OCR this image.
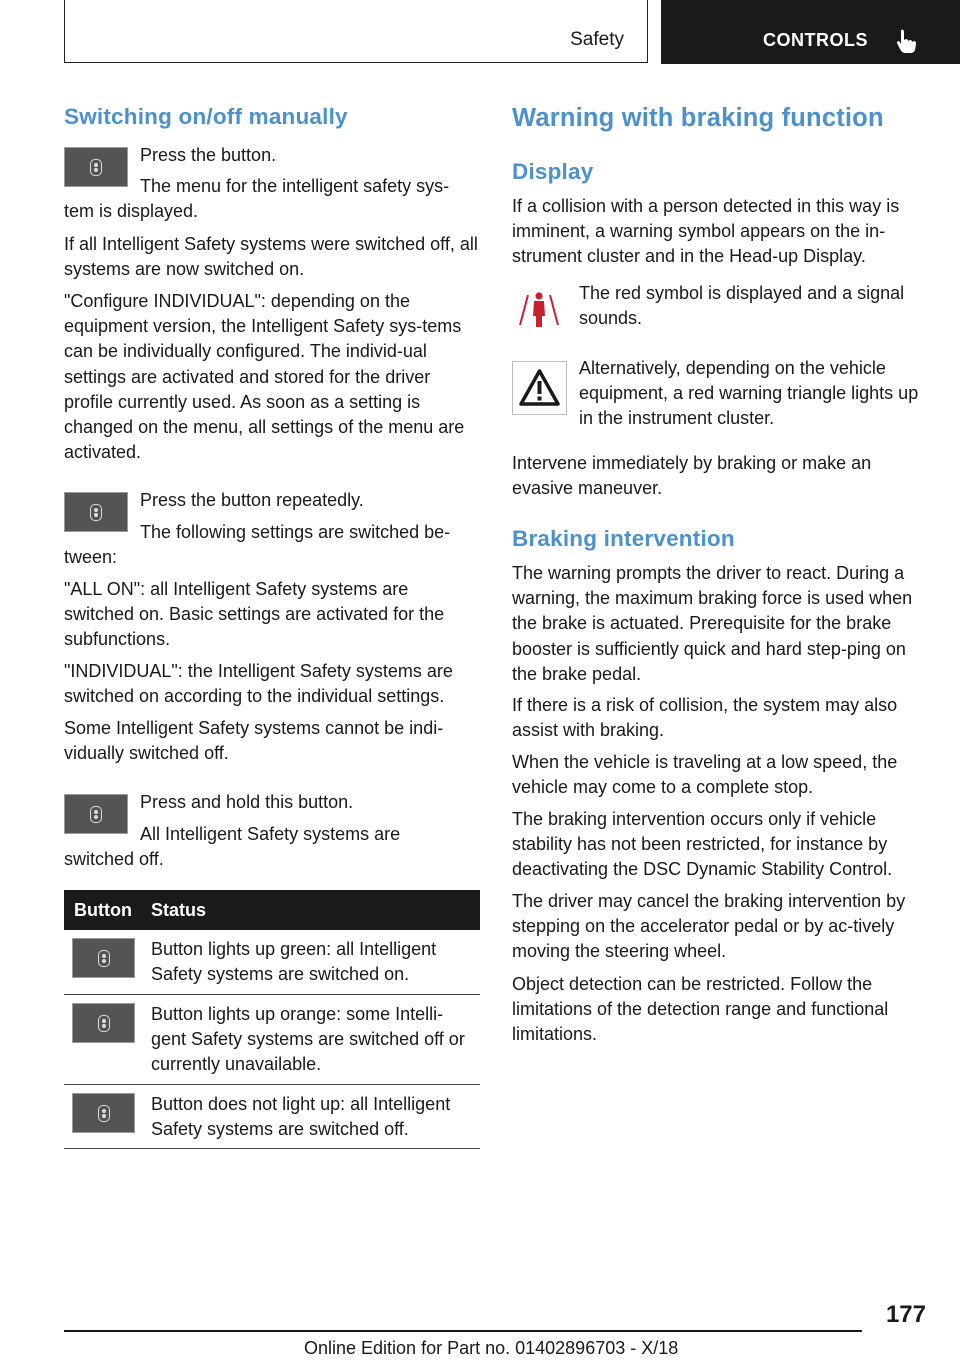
Safety	CONTROLS
Switching on/off manually

Press the button.

The menu for the intelligent safety sys-

tem is displayed.

If all Intelligent Safety systems were switched off, all systems are now switched on.

"Configure INDIVIDUAL": depending on the equipment version, the Intelligent Safety sys-tems can be individually configured. The individ-ual settings are activated and stored for the driver profile currently used. As soon as a setting is changed on the menu, all settings of the menu are activated.

Press the button repeatedly.

The following settings are switched be-

tween:

"ALL ON": all Intelligent Safety systems are switched on. Basic settings are activated for the subfunctions.

"INDIVIDUAL": the Intelligent Safety systems are switched on according to the individual settings.

Some Intelligent Safety systems cannot be indi-vidually switched off.

Press and hold this button.

All Intelligent Safety systems are

switched off.

Button Status

Button lights up green: all Intelligent Safety systems are switched on.

Button lights up orange: some Intelli-gent Safety systems are switched off or currently unavailable.

Button does not light up: all Intelligent Safety systems are switched off.

Warning with braking function
Display

If a collision with a person detected in this way is imminent, a warning symbol appears on the in-strument cluster and in the Head-up Display.

The red symbol is displayed and a signal sounds.

Alternatively, depending on the vehicle equipment, a red warning triangle lights up in the instrument cluster.

Intervene immediately by braking or make an evasive maneuver.

Braking intervention

The warning prompts the driver to react. During a warning, the maximum braking force is used when the brake is actuated. Prerequisite for the brake booster is sufficiently quick and hard step-ping on the brake pedal.

If there is a risk of collision, the system may also assist with braking.

When the vehicle is traveling at a low speed, the vehicle may come to a complete stop.

The braking intervention occurs only if vehicle stability has not been restricted, for instance by deactivating the DSC Dynamic Stability Control.

The driver may cancel the braking intervention by stepping on the accelerator pedal or by ac-tively moving the steering wheel.

Object detection can be restricted. Follow the limitations of the detection range and functional limitations.

177
Online Edition for Part no. 01402896703 - X/18
